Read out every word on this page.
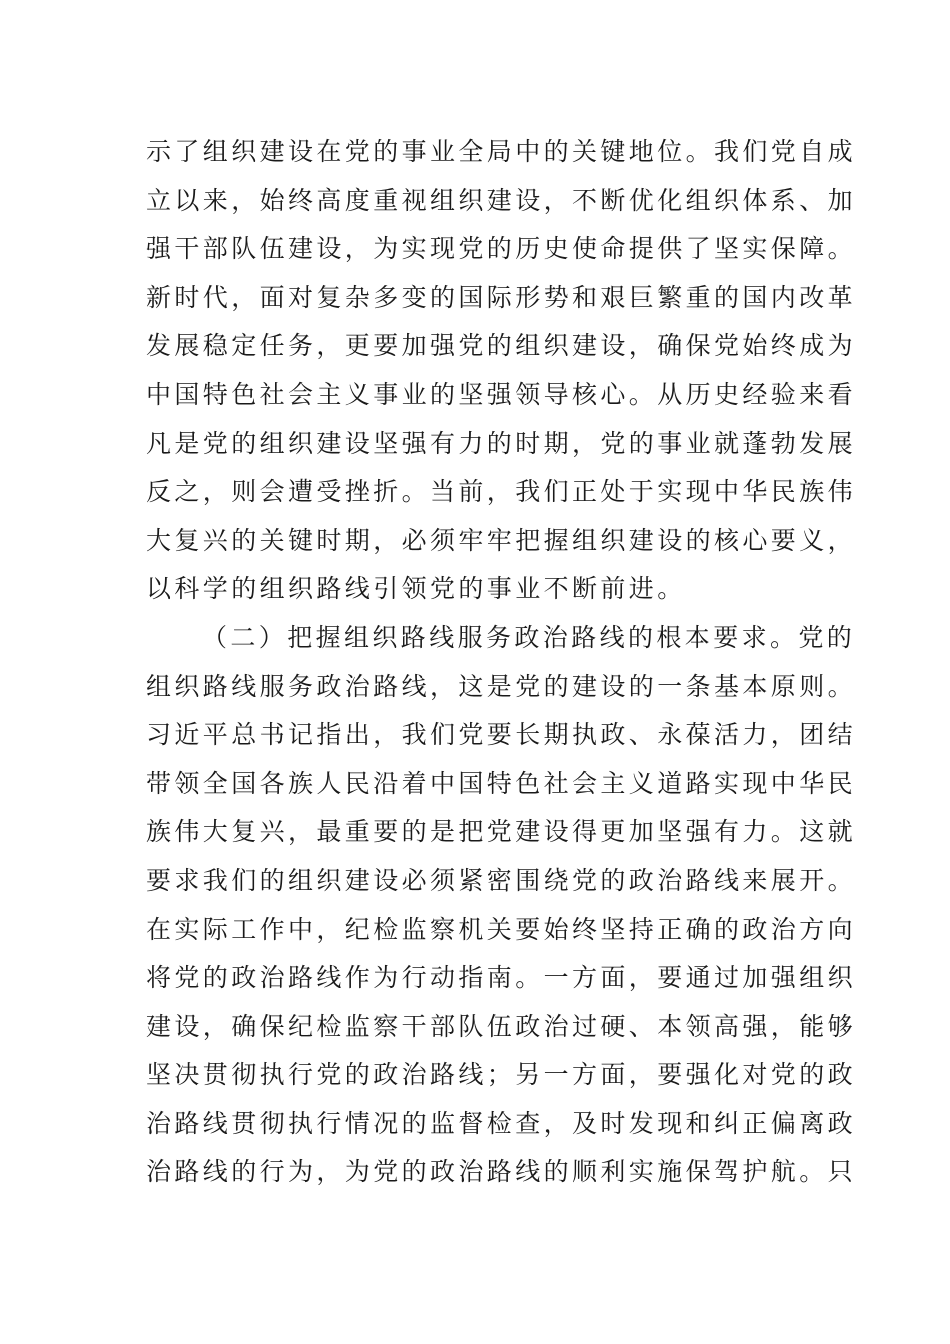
示了组织建设在党的事业全局中的关键地位。我们党自成
立以来，始终高度重视组织建设，不断优化组织体系、加
强干部队伍建设，为实现党的历史使命提供了坚实保障。
新时代，面对复杂多变的国际形势和艰巨繁重的国内改革
发展稳定任务，更要加强党的组织建设，确保党始终成为
中国特色社会主义事业的坚强领导核心。从历史经验来看
凡是党的组织建设坚强有力的时期，党的事业就蓬勃发展
反之，则会遭受挫折。当前，我们正处于实现中华民族伟
大复兴的关键时期，必须牢牢把握组织建设的核心要义，
以科学的组织路线引领党的事业不断前进。
（二）把握组织路线服务政治路线的根本要求。党的
组织路线服务政治路线，这是党的建设的一条基本原则。
习近平总书记指出，我们党要长期执政、永葆活力，团结
带领全国各族人民沿着中国特色社会主义道路实现中华民
族伟大复兴，最重要的是把党建设得更加坚强有力。这就
要求我们的组织建设必须紧密围绕党的政治路线来展开。
在实际工作中，纪检监察机关要始终坚持正确的政治方向
将党的政治路线作为行动指南。一方面，要通过加强组织
建设，确保纪检监察干部队伍政治过硬、本领高强，能够
坚决贯彻执行党的政治路线；另一方面，要强化对党的政
治路线贯彻执行情况的监督检查，及时发现和纠正偏离政
治路线的行为，为党的政治路线的顺利实施保驾护航。只
